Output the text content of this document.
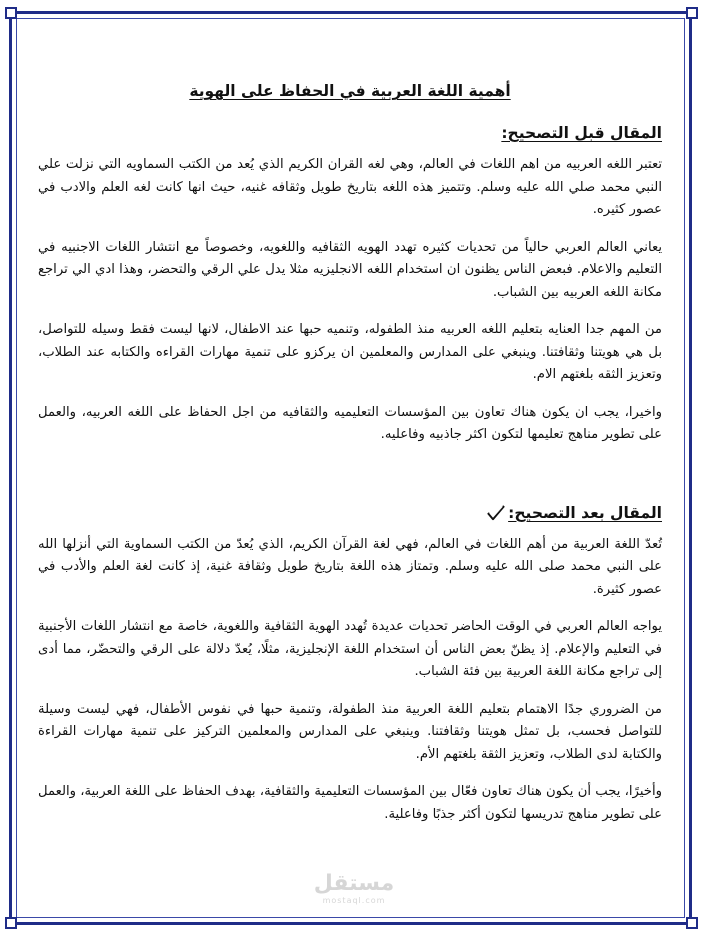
أهمية اللغة العربية في الحفاظ على الهوية
المقال قبل التصحيح:

تعتبر اللغه العربيه من اهم اللغات في العالم، وهي لغه القران الكريم الذي يُعد من الكتب السماويه التي نزلت علي النبي محمد صلي الله عليه وسلم. وتتميز هذه اللغه بتاريخ طويل وثقافه غنيه، حيث انها كانت لغه العلم والادب في عصور كثيره.

يعاني العالم العربي حالياً من تحديات كثيره تهدد الهويه الثقافيه واللغويه، وخصوصاً مع انتشار اللغات الاجنبيه في التعليم والاعلام. فبعض الناس يظنون ان استخدام اللغه الانجليزيه مثلا يدل علي الرقي والتحضر، وهذا ادي الي تراجع مكانة اللغه العربيه بين الشباب.

من المهم جدا العنايه بتعليم اللغه العربيه منذ الطفوله، وتنميه حبها عند الاطفال، لانها ليست فقط وسيله للتواصل، بل هي هويتنا وثقافتنا. وينبغي على المدارس والمعلمين ان يركزو على تنمية مهارات القراءه والكتابه عند الطلاب، وتعزيز الثقه بلغتهم الام.

واخيرا، يجب ان يكون هناك تعاون بين المؤسسات التعليميه والثقافيه من اجل الحفاظ على اللغه العربيه، والعمل على تطوير مناهج تعليمها لتكون اكثر جاذبيه وفاعليه.

المقال بعد التصحيح:

تُعدّ اللغة العربية من أهم اللغات في العالم، فهي لغة القرآن الكريم، الذي يُعدّ من الكتب السماوية التي أنزلها الله على النبي محمد صلى الله عليه وسلم. وتمتاز هذه اللغة بتاريخ طويل وثقافة غنية، إذ كانت لغة العلم والأدب في عصور كثيرة.

يواجه العالم العربي في الوقت الحاضر تحديات عديدة تُهدد الهوية الثقافية واللغوية، خاصة مع انتشار اللغات الأجنبية في التعليم والإعلام. إذ يظنّ بعض الناس أن استخدام اللغة الإنجليزية، مثلًا، يُعدّ دلالة على الرقي والتحضّر، مما أدى إلى تراجع مكانة اللغة العربية بين فئة الشباب.

من الضروري جدًا الاهتمام بتعليم اللغة العربية منذ الطفولة، وتنمية حبها في نفوس الأطفال، فهي ليست وسيلة للتواصل فحسب، بل تمثل هويتنا وثقافتنا. وينبغي على المدارس والمعلمين التركيز على تنمية مهارات القراءة والكتابة لدى الطلاب، وتعزيز الثقة بلغتهم الأم.

وأخيرًا، يجب أن يكون هناك تعاون فعّال بين المؤسسات التعليمية والثقافية، بهدف الحفاظ على اللغة العربية، والعمل على تطوير مناهج تدريسها لتكون أكثر جذبًا وفاعلية.

مستقل
mostaql.com
